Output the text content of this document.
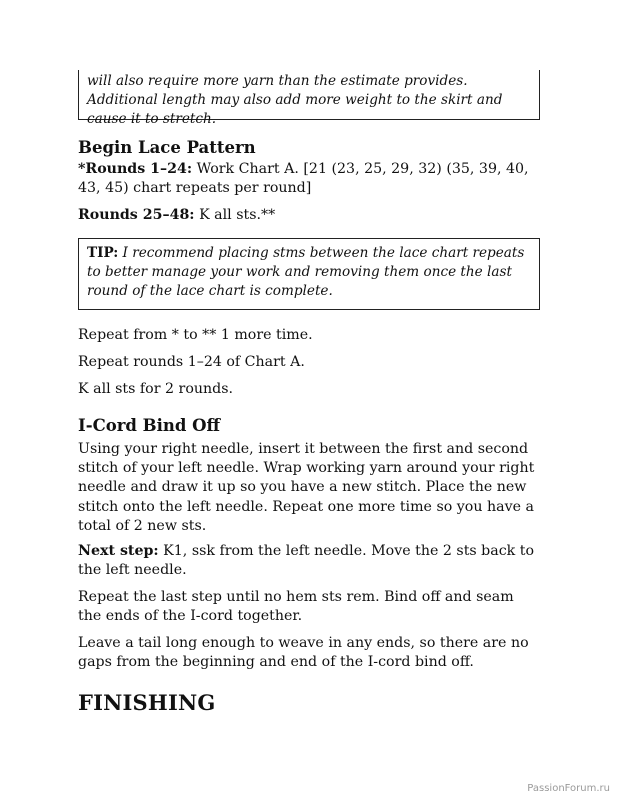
will also require more yarn than the estimate provides. Additional length may also add more weight to the skirt and cause it to stretch.
Begin Lace Pattern

*Rounds 1–24: Work Chart A. [21 (23, 25, 29, 32) (35, 39, 40, 43, 45) chart repeats per round]

Rounds 25–48: K all sts.**

TIP: I recommend placing stms between the lace chart repeats to better manage your work and removing them once the last round of the lace chart is complete.

Repeat from * to ** 1 more time.

Repeat rounds 1–24 of Chart A.

K all sts for 2 rounds.

I-Cord Bind Off

Using your right needle, insert it between the first and second stitch of your left needle. Wrap working yarn around your right needle and draw it up so you have a new stitch. Place the new stitch onto the left needle. Repeat one more time so you have a total of 2 new sts.

Next step: K1, ssk from the left needle. Move the 2 sts back to the left needle.

Repeat the last step until no hem sts rem. Bind off and seam the ends of the I-cord together.

Leave a tail long enough to weave in any ends, so there are no gaps from the beginning and end of the I-cord bind off.

FINISHING
PassionForum.ru
